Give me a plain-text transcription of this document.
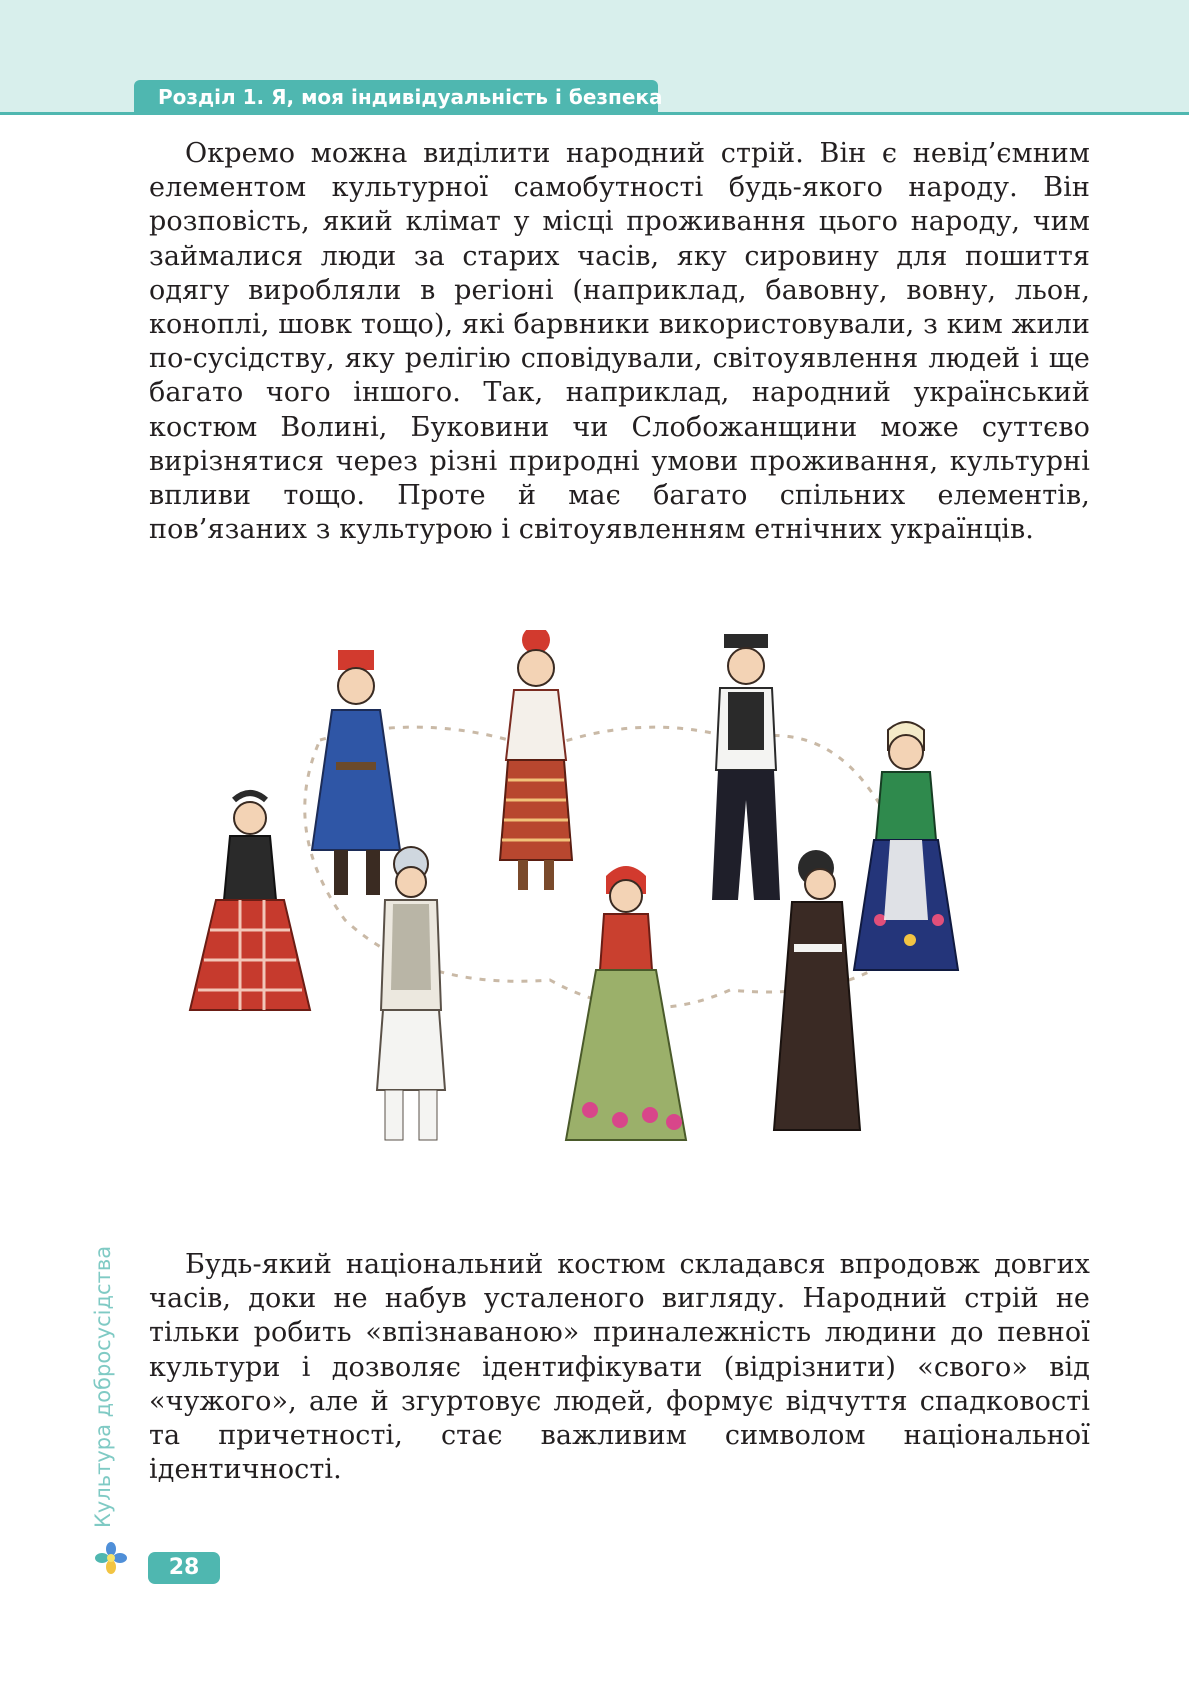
Розділ 1. Я, моя індивідуальність і безпека

Окремо можна виділити народний стрій. Він є невід’ємним елементом культурної самобутності будь-якого народу. Він розповість, який клімат у місці проживання цього народу, чим займалися люди за старих часів, яку сировину для пошиття одягу виробляли в регіоні (наприклад, бавовну, вовну, льон, коноплі, шовк тощо), які барвники використовували, з ким жили по-сусідству, яку релігію сповідували, світоуявлення людей і ще багато чого іншого. Так, наприклад, народний український костюм Волині, Буковини чи Слобожанщини може суттєво вирізнятися через різні природні умови проживання, культурні впливи тощо. Проте й має багато спільних елементів, пов’язаних з культурою і світоуявленням етнічних українців.

Будь-який національний костюм складався впродовж довгих часів, доки не набув усталеного вигляду. Народний стрій не тільки робить «впізнаваною» приналежність людини до певної культури і дозволяє ідентифікувати (відрізнити) «свого» від «чужого», але й згуртовує людей, формує відчуття спадковості та причетності, стає важливим символом національної ідентичності.

Культура добросусідства
28
